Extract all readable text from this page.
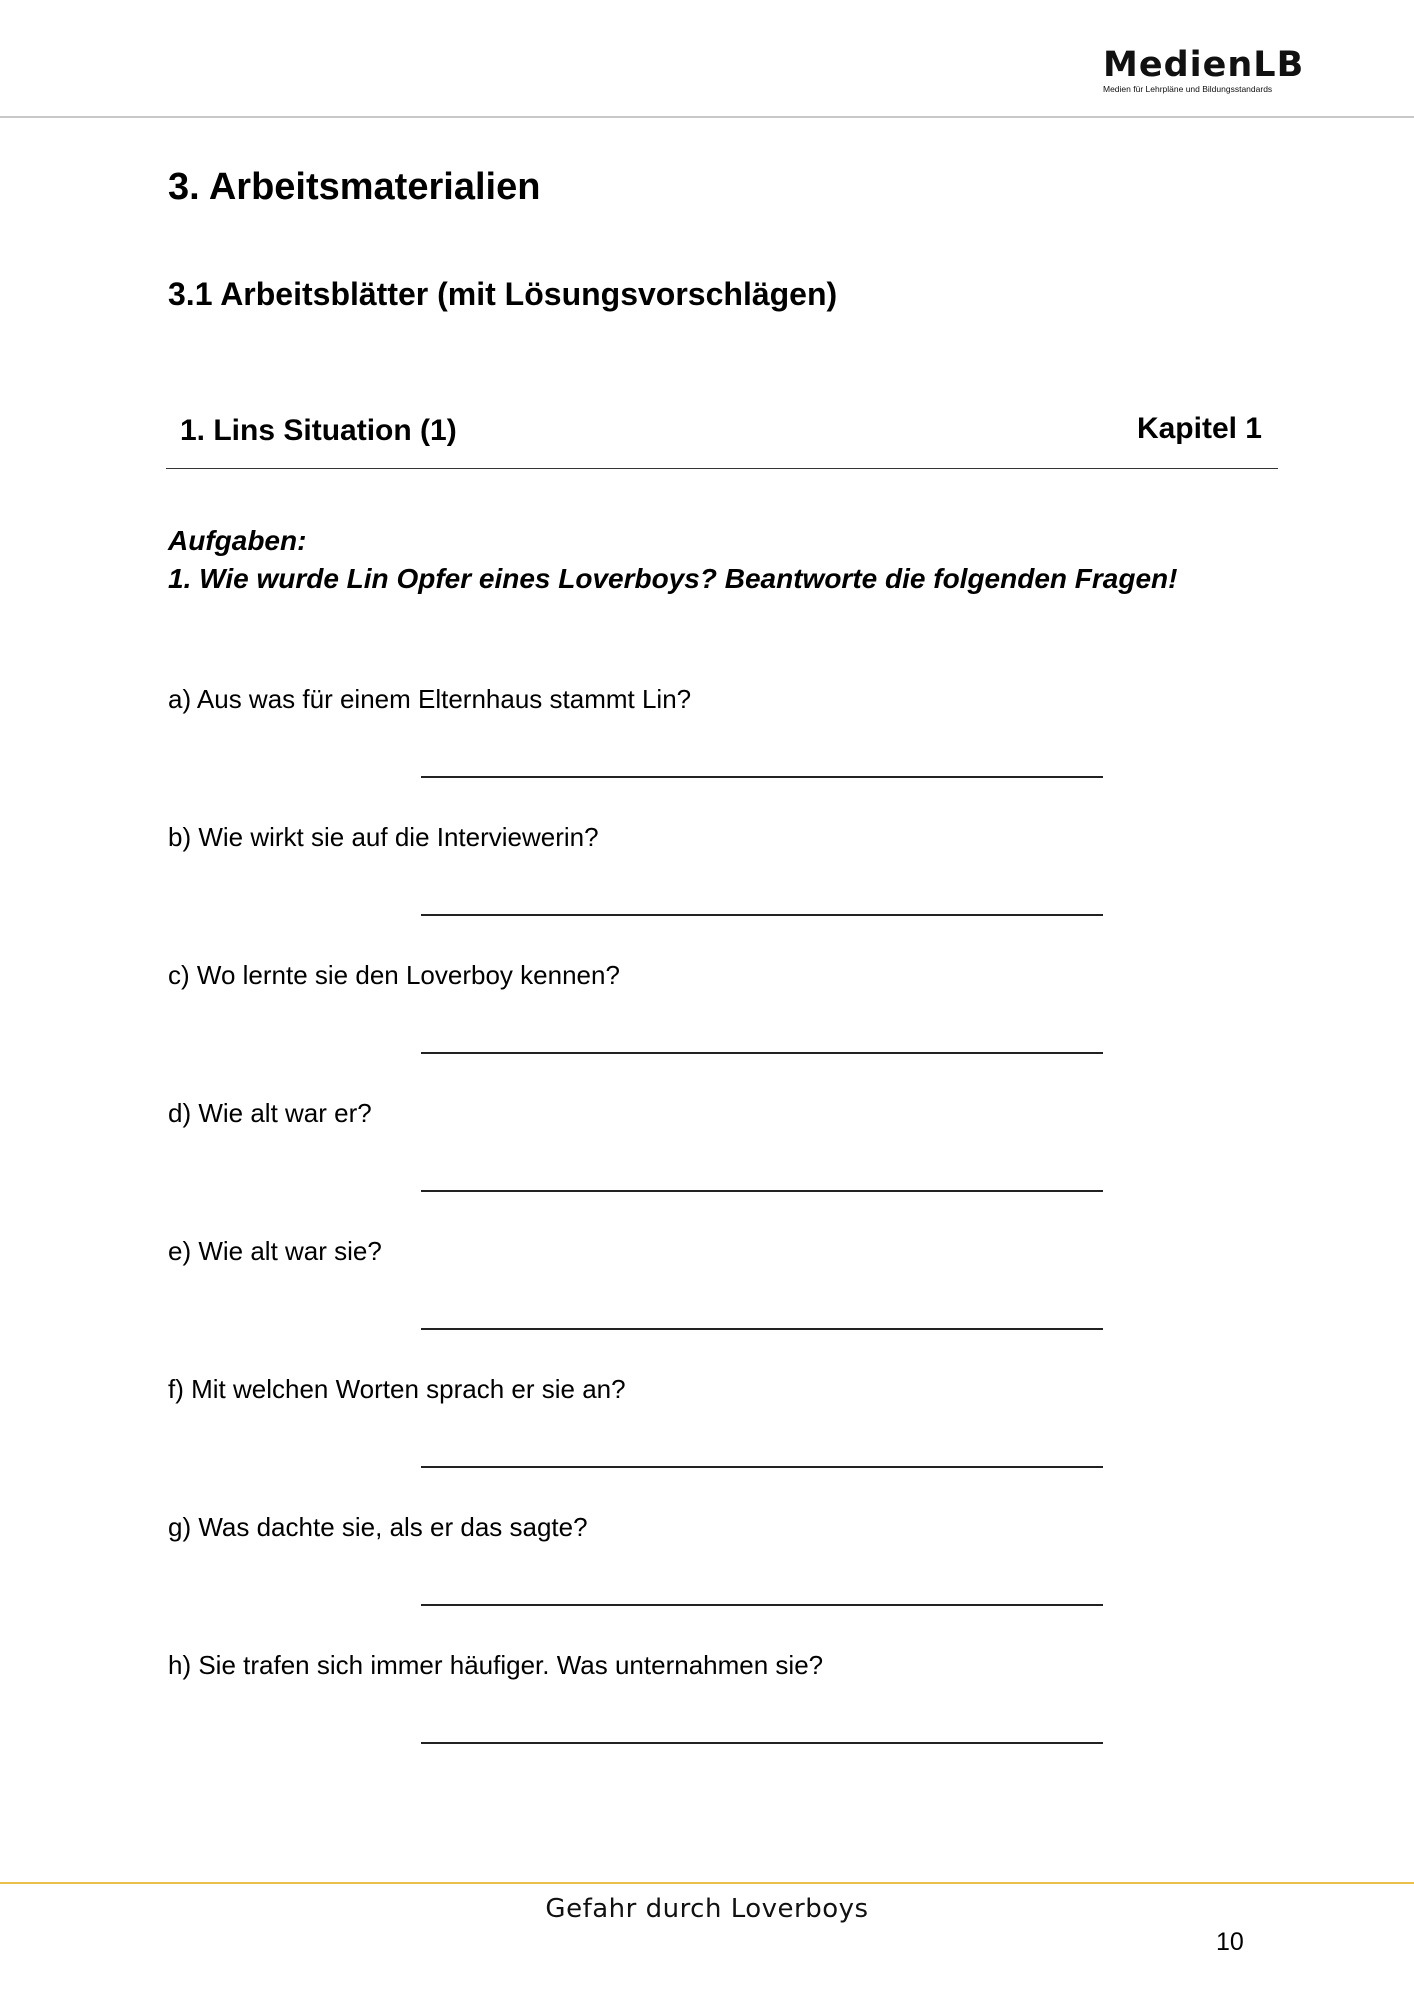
MedienLB
Medien für Lehrpläne und Bildungsstandards
3. Arbeitsmaterialien
3.1 Arbeitsblätter (mit Lösungsvorschlägen)
1. Lins Situation (1)	Kapitel 1
Aufgaben:
1. Wie wurde Lin Opfer eines Loverboys? Beantworte die folgenden Fragen!
a) Aus was für einem Elternhaus stammt Lin?
b) Wie wirkt sie auf die Interviewerin?
c) Wo lernte sie den Loverboy kennen?
d) Wie alt war er?
e) Wie alt war sie?
f) Mit welchen Worten sprach er sie an?
g) Was dachte sie, als er das sagte?
h) Sie trafen sich immer häufiger. Was unternahmen sie?
Gefahr durch Loverboys
10
